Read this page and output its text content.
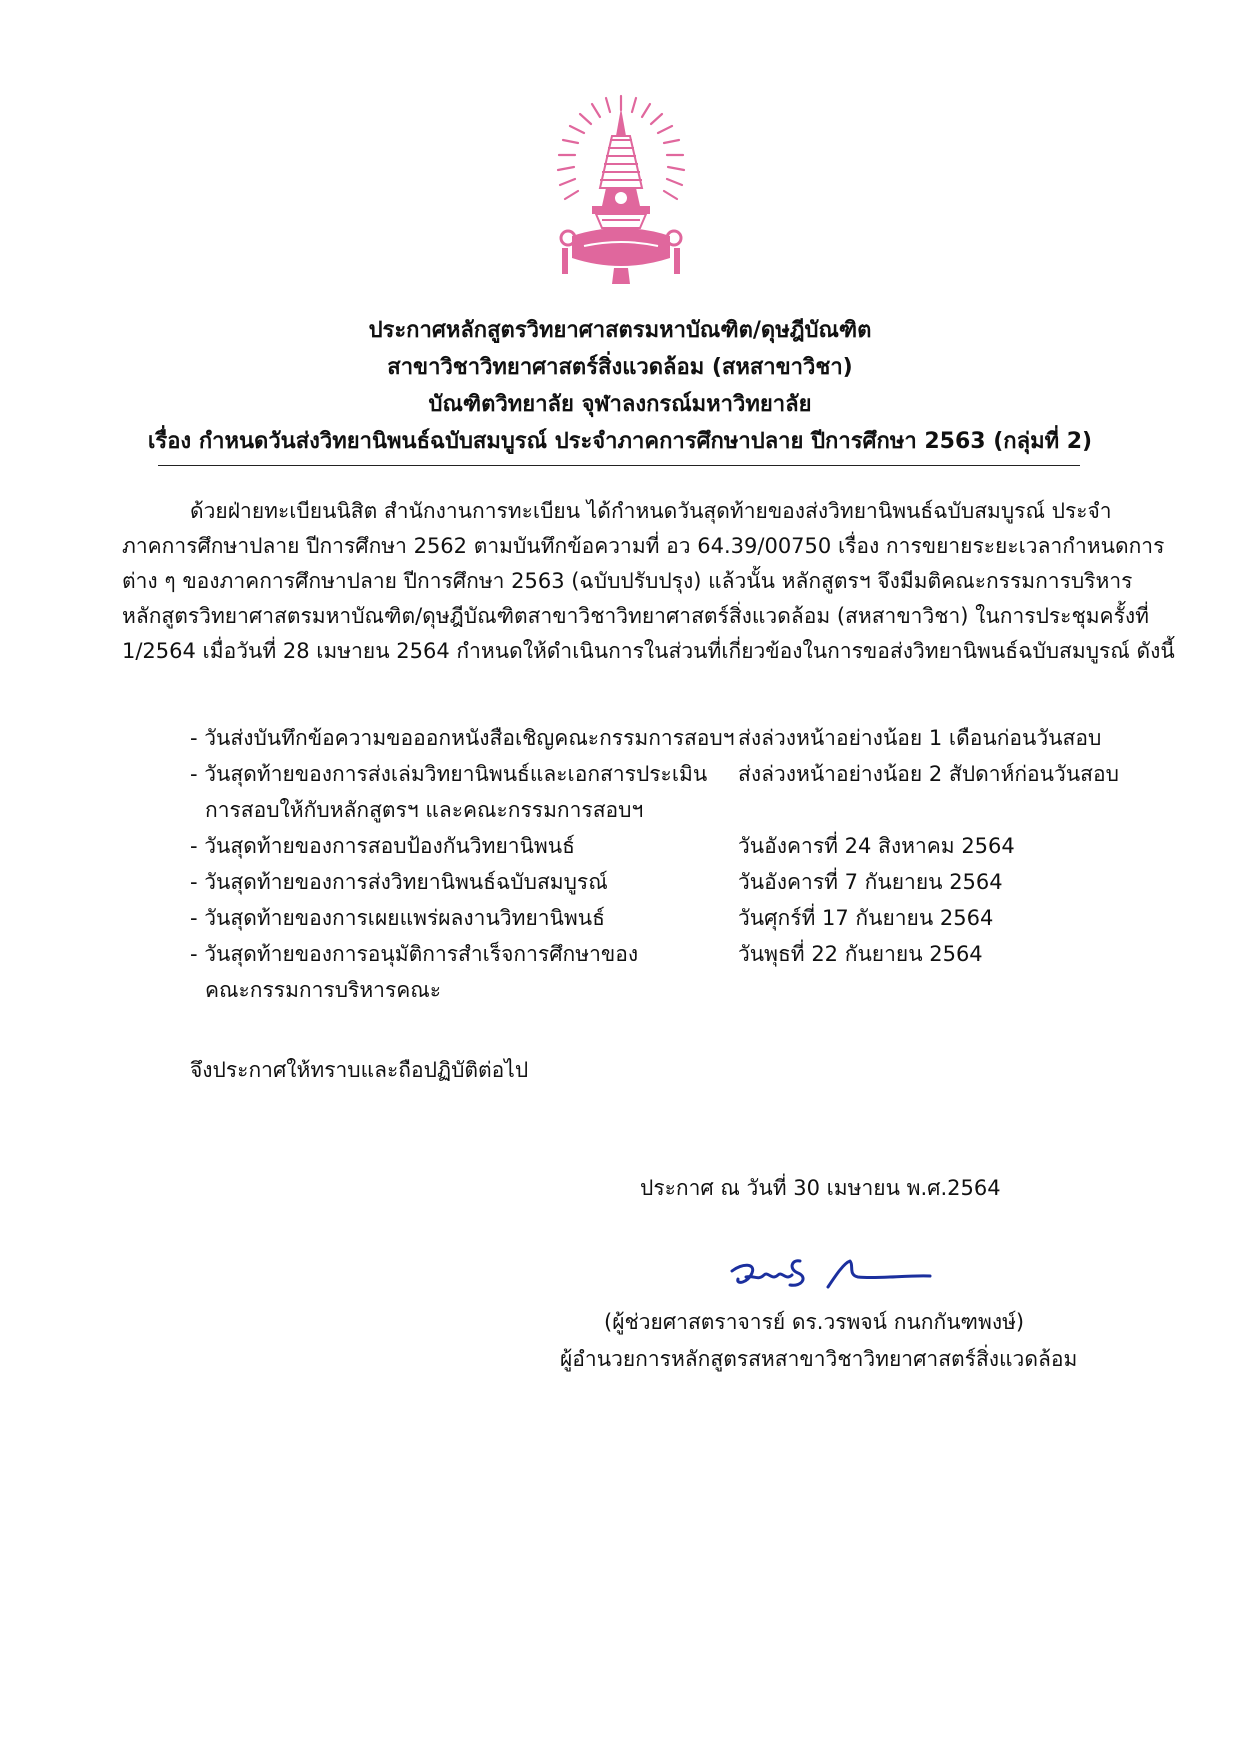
ประกาศหลักสูตรวิทยาศาสตรมหาบัณฑิต/ดุษฎีบัณฑิต
สาขาวิชาวิทยาศาสตร์สิ่งแวดล้อม (สหสาขาวิชา)
บัณฑิตวิทยาลัย จุฬาลงกรณ์มหาวิทยาลัย
เรื่อง กำหนดวันส่งวิทยานิพนธ์ฉบับสมบูรณ์ ประจำภาคการศึกษาปลาย ปีการศึกษา 2563 (กลุ่มที่ 2)
ด้วยฝ่ายทะเบียนนิสิต สำนักงานการทะเบียน ได้กำหนดวันสุดท้ายของส่งวิทยานิพนธ์ฉบับสมบูรณ์ ประจำ
ภาคการศึกษาปลาย ปีการศึกษา 2562 ตามบันทึกข้อความที่ อว 64.39/00750 เรื่อง การขยายระยะเวลากำหนดการ
ต่าง ๆ ของภาคการศึกษาปลาย ปีการศึกษา 2563 (ฉบับปรับปรุง) แล้วนั้น หลักสูตรฯ จึงมีมติคณะกรรมการบริหาร
หลักสูตรวิทยาศาสตรมหาบัณฑิต/ดุษฎีบัณฑิตสาขาวิชาวิทยาศาสตร์สิ่งแวดล้อม (สหสาขาวิชา) ในการประชุมครั้งที่
1/2564 เมื่อวันที่ 28 เมษายน 2564 กำหนดให้ดำเนินการในส่วนที่เกี่ยวข้องในการขอส่งวิทยานิพนธ์ฉบับสมบูรณ์ ดังนี้
- วันส่งบันทึกข้อความขอออกหนังสือเชิญคณะกรรมการสอบฯ ส่งล่วงหน้าอย่างน้อย 1 เดือนก่อนวันสอบ
- วันสุดท้ายของการส่งเล่มวิทยานิพนธ์และเอกสารประเมิน	ส่งล่วงหน้าอย่างน้อย 2 สัปดาห์ก่อนวันสอบ
การสอบให้กับหลักสูตรฯ และคณะกรรมการสอบฯ
- วันสุดท้ายของการสอบป้องกันวิทยานิพนธ์	วันอังคารที่ 24 สิงหาคม 2564
- วันสุดท้ายของการส่งวิทยานิพนธ์ฉบับสมบูรณ์	วันอังคารที่ 7 กันยายน 2564
- วันสุดท้ายของการเผยแพร่ผลงานวิทยานิพนธ์	วันศุกร์ที่ 17 กันยายน 2564
- วันสุดท้ายของการอนุมัติการสำเร็จการศึกษาของ	วันพุธที่ 22 กันยายน 2564
คณะกรรมการบริหารคณะ
จึงประกาศให้ทราบและถือปฏิบัติต่อไป
ประกาศ ณ วันที่ 30 เมษายน พ.ศ.2564
(ผู้ช่วยศาสตราจารย์ ดร.วรพจน์ กนกกันฑพงษ์)
ผู้อำนวยการหลักสูตรสหสาขาวิชาวิทยาศาสตร์สิ่งแวดล้อม
